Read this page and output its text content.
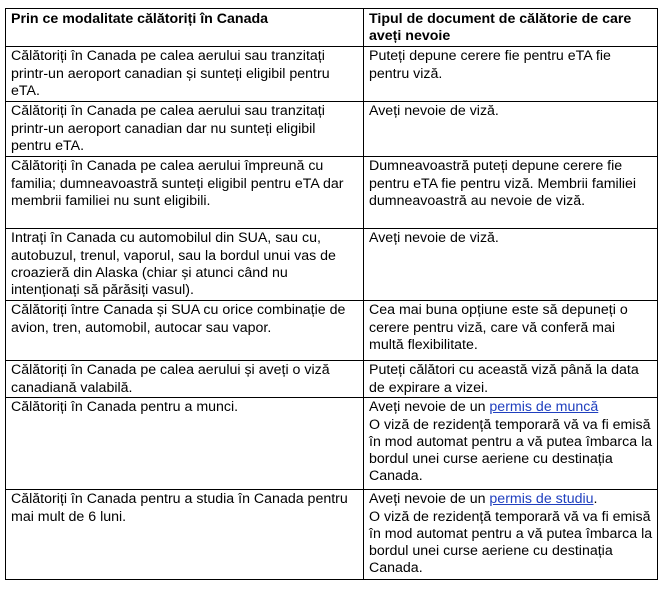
Prin ce modalitate călătoriți în Canada	Tipul de document de călătorie de care aveți nevoie
Călătoriți în Canada pe calea aerului sau tranzitați printr-un aeroport canadian și sunteți eligibil pentru eTA.	Puteți depune cerere fie pentru eTA fie pentru viză.
Călătoriți în Canada pe calea aerului sau tranzitați printr-un aeroport canadian dar nu sunteți eligibil pentru eTA.	Aveți nevoie de viză.
Călătoriți în Canada pe calea aerului împreună cu familia; dumneavoastră sunteți eligibil pentru eTA dar membrii familiei nu sunt eligibili.	Dumneavoastră puteți depune cerere fie pentru eTA fie pentru viză. Membrii familiei dumneavoastră au nevoie de viză.
Intrați în Canada cu automobilul din SUA, sau cu, autobuzul, trenul, vaporul, sau la bordul unui vas de croazieră din Alaska (chiar și atunci când nu intenționați să părăsiți vasul).	Aveți nevoie de viză.
Călătoriți între Canada și SUA cu orice combinație de avion, tren, automobil, autocar sau vapor.	Cea mai buna opțiune este să depuneți o cerere pentru viză, care vă conferă mai multă flexibilitate.
Călătoriți în Canada pe calea aerului și aveți o viză canadiană valabilă.	Puteți călători cu această viză până la data de expirare a vizei.
Călătoriți în Canada pentru a munci.	Aveți nevoie de un permis de muncă
O viză de rezidență temporară vă va fi emisă în mod automat pentru a vă putea îmbarca la bordul unei curse aeriene cu destinația Canada.

Călătoriți în Canada pentru a studia în Canada pentru mai mult de 6 luni.	Aveți nevoie de un permis de studiu.
O viză de rezidență temporară vă va fi emisă în mod automat pentru a vă putea îmbarca la bordul unei curse aeriene cu destinația Canada.
